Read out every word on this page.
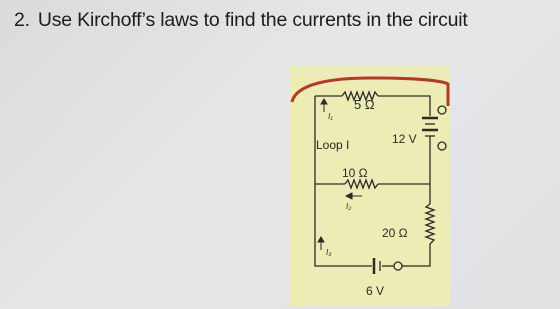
2. Use Kirchoff’s laws to find the currents in the circuit
5 Ω
I₁
Loop I	12 V
10 Ω
I₂
20 Ω
I₃
6 V
